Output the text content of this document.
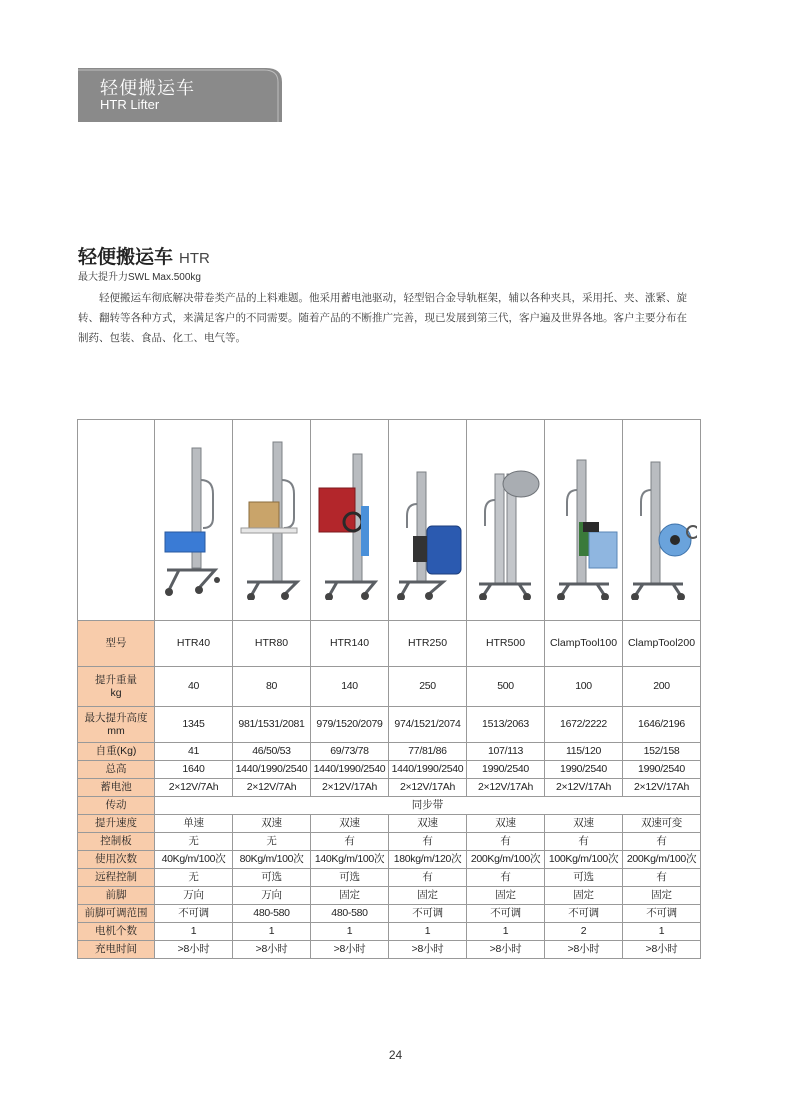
轻便搬运车
HTR Lifter
轻便搬运车 HTR
最大提升力SWL Max.500kg
轻便搬运车彻底解决带卷类产品的上料难题。他采用蓄电池驱动，轻型铝合金导轨框架，辅以各种夹具，采用托、夹、涨紧、旋转、翻转等各种方式，来满足客户的不同需要。随着产品的不断推广完善，现已发展到第三代，客户遍及世界各地。客户主要分布在制药、包装、食品、化工、电气等。

型号	HTR40	HTR80	HTR140	HTR250	HTR500	ClampTool100	ClampTool200
提升重量
kg	40	80	140	250	500	100	200
最大提升高度
mm	1345	981/1531/2081	979/1520/2079	974/1521/2074	1513/2063	1672/2222	1646/2196
自重(Kg)	41	46/50/53	69/73/78	77/81/86	107/113	115/120	152/158
总高	1640	1440/1990/2540	1440/1990/2540	1440/1990/2540	1990/2540	1990/2540	1990/2540
蓄电池	2×12V/7Ah	2×12V/7Ah	2×12V/17Ah	2×12V/17Ah	2×12V/17Ah	2×12V/17Ah	2×12V/17Ah
传动	同步带						
提升速度	单速	双速	双速	双速	双速	双速	双速可变
控制板	无	无	有	有	有	有	有
使用次数	40Kg/m/100次	80Kg/m/100次	140Kg/m/100次	180kg/m/120次	200Kg/m/100次	100Kg/m/100次	200Kg/m/100次
远程控制	无	可选	可选	有	有	可选	有
前脚	万向	万向	固定	固定	固定	固定	固定
前脚可调范围	不可调	480-580	480-580	不可调	不可调	不可调	不可调
电机个数	1	1	1	1	1	2	1
充电时间	>8小时	>8小时	>8小时	>8小时	>8小时	>8小时	>8小时
24
